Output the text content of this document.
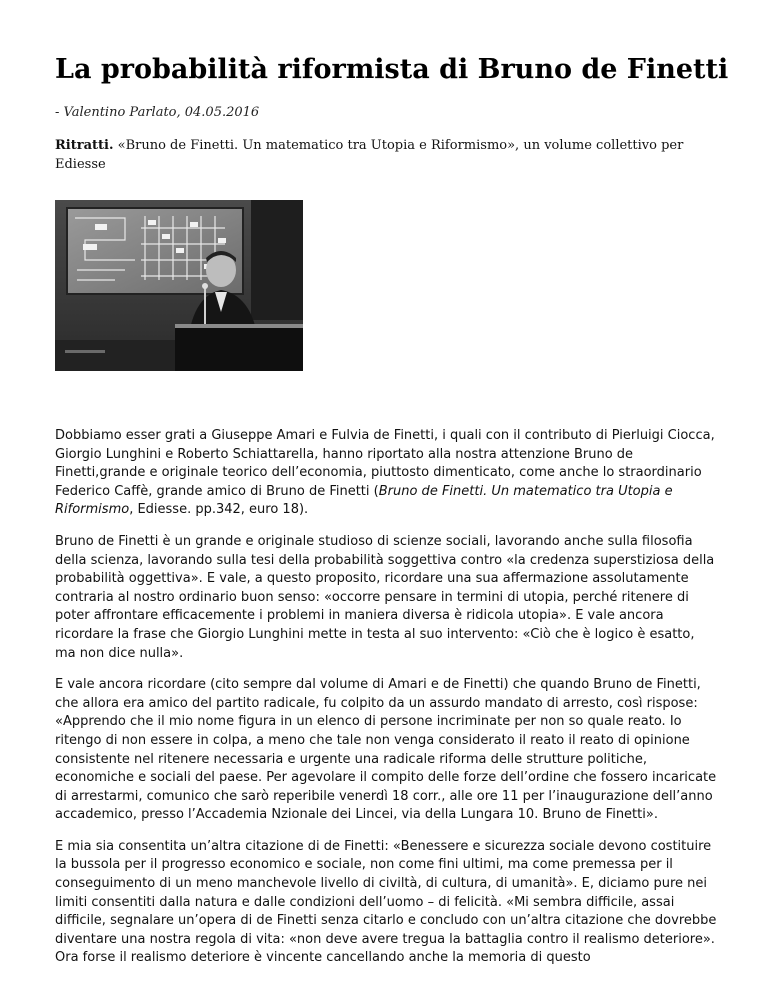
La probabilità riformista di Bruno de Finetti

- Valentino Parlato, 04.05.2016

Ritratti. «Bruno de Finetti. Un matematico tra Utopia e Riformismo», un volume collettivo per Ediesse

Dobbiamo esser grati a Giuseppe Amari e Fulvia de Finetti, i quali con il contributo di Pierluigi Ciocca, Giorgio Lunghini e Roberto Schiattarella, hanno riportato alla nostra attenzione Bruno de Finetti,grande e originale teorico dell’economia, piuttosto dimenticato, come anche lo straordinario Federico Caffè, grande amico di Bruno de Finetti (Bruno de Finetti. Un matematico tra Utopia e Riformismo, Ediesse. pp.342, euro 18).

Bruno de Finetti è un grande e originale studioso di scienze sociali, lavorando anche sulla filosofia della scienza, lavorando sulla tesi della probabilità soggettiva contro «la credenza superstiziosa della probabilità oggettiva». E vale, a questo proposito, ricordare una sua affermazione assolutamente contraria al nostro ordinario buon senso: «occorre pensare in termini di utopia, perché ritenere di poter affrontare efficacemente i problemi in maniera diversa è ridicola utopia». E vale ancora ricordare la frase che Giorgio Lunghini mette in testa al suo intervento: «Ciò che è logico è esatto, ma non dice nulla».

E vale ancora ricordare (cito sempre dal volume di Amari e de Finetti) che quando Bruno de Finetti, che allora era amico del partito radicale, fu colpito da un assurdo mandato di arresto, così rispose: «Apprendo che il mio nome figura in un elenco di persone incriminate per non so quale reato. Io ritengo di non essere in colpa, a meno che tale non venga considerato il reato il reato di opinione consistente nel ritenere necessaria e urgente una radicale riforma delle strutture politiche, economiche e sociali del paese. Per agevolare il compito delle forze dell’ordine che fossero incaricate di arrestarmi, comunico che sarò reperibile venerdì 18 corr., alle ore 11 per l’inaugurazione dell’anno accademico, presso l’Accademia Nzionale dei Lincei, via della Lungara 10. Bruno de Finetti».

E mia sia consentita un’altra citazione di de Finetti: «Benessere e sicurezza sociale devono costituire la bussola per il progresso economico e sociale, non come fini ultimi, ma come premessa per il conseguimento di un meno manchevole livello di civiltà, di cultura, di umanità». E, diciamo pure nei limiti consentiti dalla natura e dalle condizioni dell’uomo – di felicità. «Mi sembra difficile, assai difficile, segnalare un’opera di de Finetti senza citarlo e concludo con un’altra citazione che dovrebbe diventare una nostra regola di vita: «non deve avere tregua la battaglia contro il realismo deteriore». Ora forse il realismo deteriore è vincente cancellando anche la memoria di questo
